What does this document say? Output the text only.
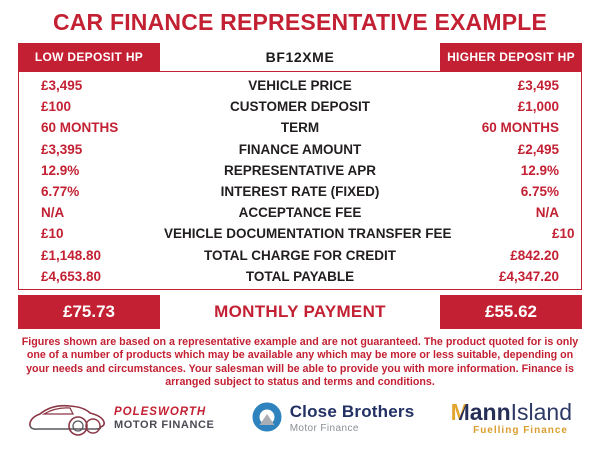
CAR FINANCE REPRESENTATIVE EXAMPLE
LOW DEPOSIT HP	BF12XME	HIGHER DEPOSIT HP
£3,495	VEHICLE PRICE	£3,495
£100	CUSTOMER DEPOSIT	£1,000
60 MONTHS	TERM	60 MONTHS
£3,395	FINANCE AMOUNT	£2,495
12.9%	REPRESENTATIVE APR	12.9%
6.77%	INTEREST RATE (FIXED)	6.75%
N/A	ACCEPTANCE FEE	N/A
£10	VEHICLE DOCUMENTATION TRANSFER FEE	£10
£1,148.80	TOTAL CHARGE FOR CREDIT	£842.20
£4,653.80	TOTAL PAYABLE	£4,347.20
£75.73	MONTHLY PAYMENT	£55.62

Figures shown are based on a representative example and are not guaranteed. The product quoted for is only one of a number of products which may be available any which may be more or less suitable, depending on your needs and circumstances. Your salesman will be able to provide you with more information. Finance is arranged subject to status and terms and conditions.

POLESWORTH
MOTOR FINANCE
Close Brothers
Motor Finance
MannIsland
Fuelling Finance
